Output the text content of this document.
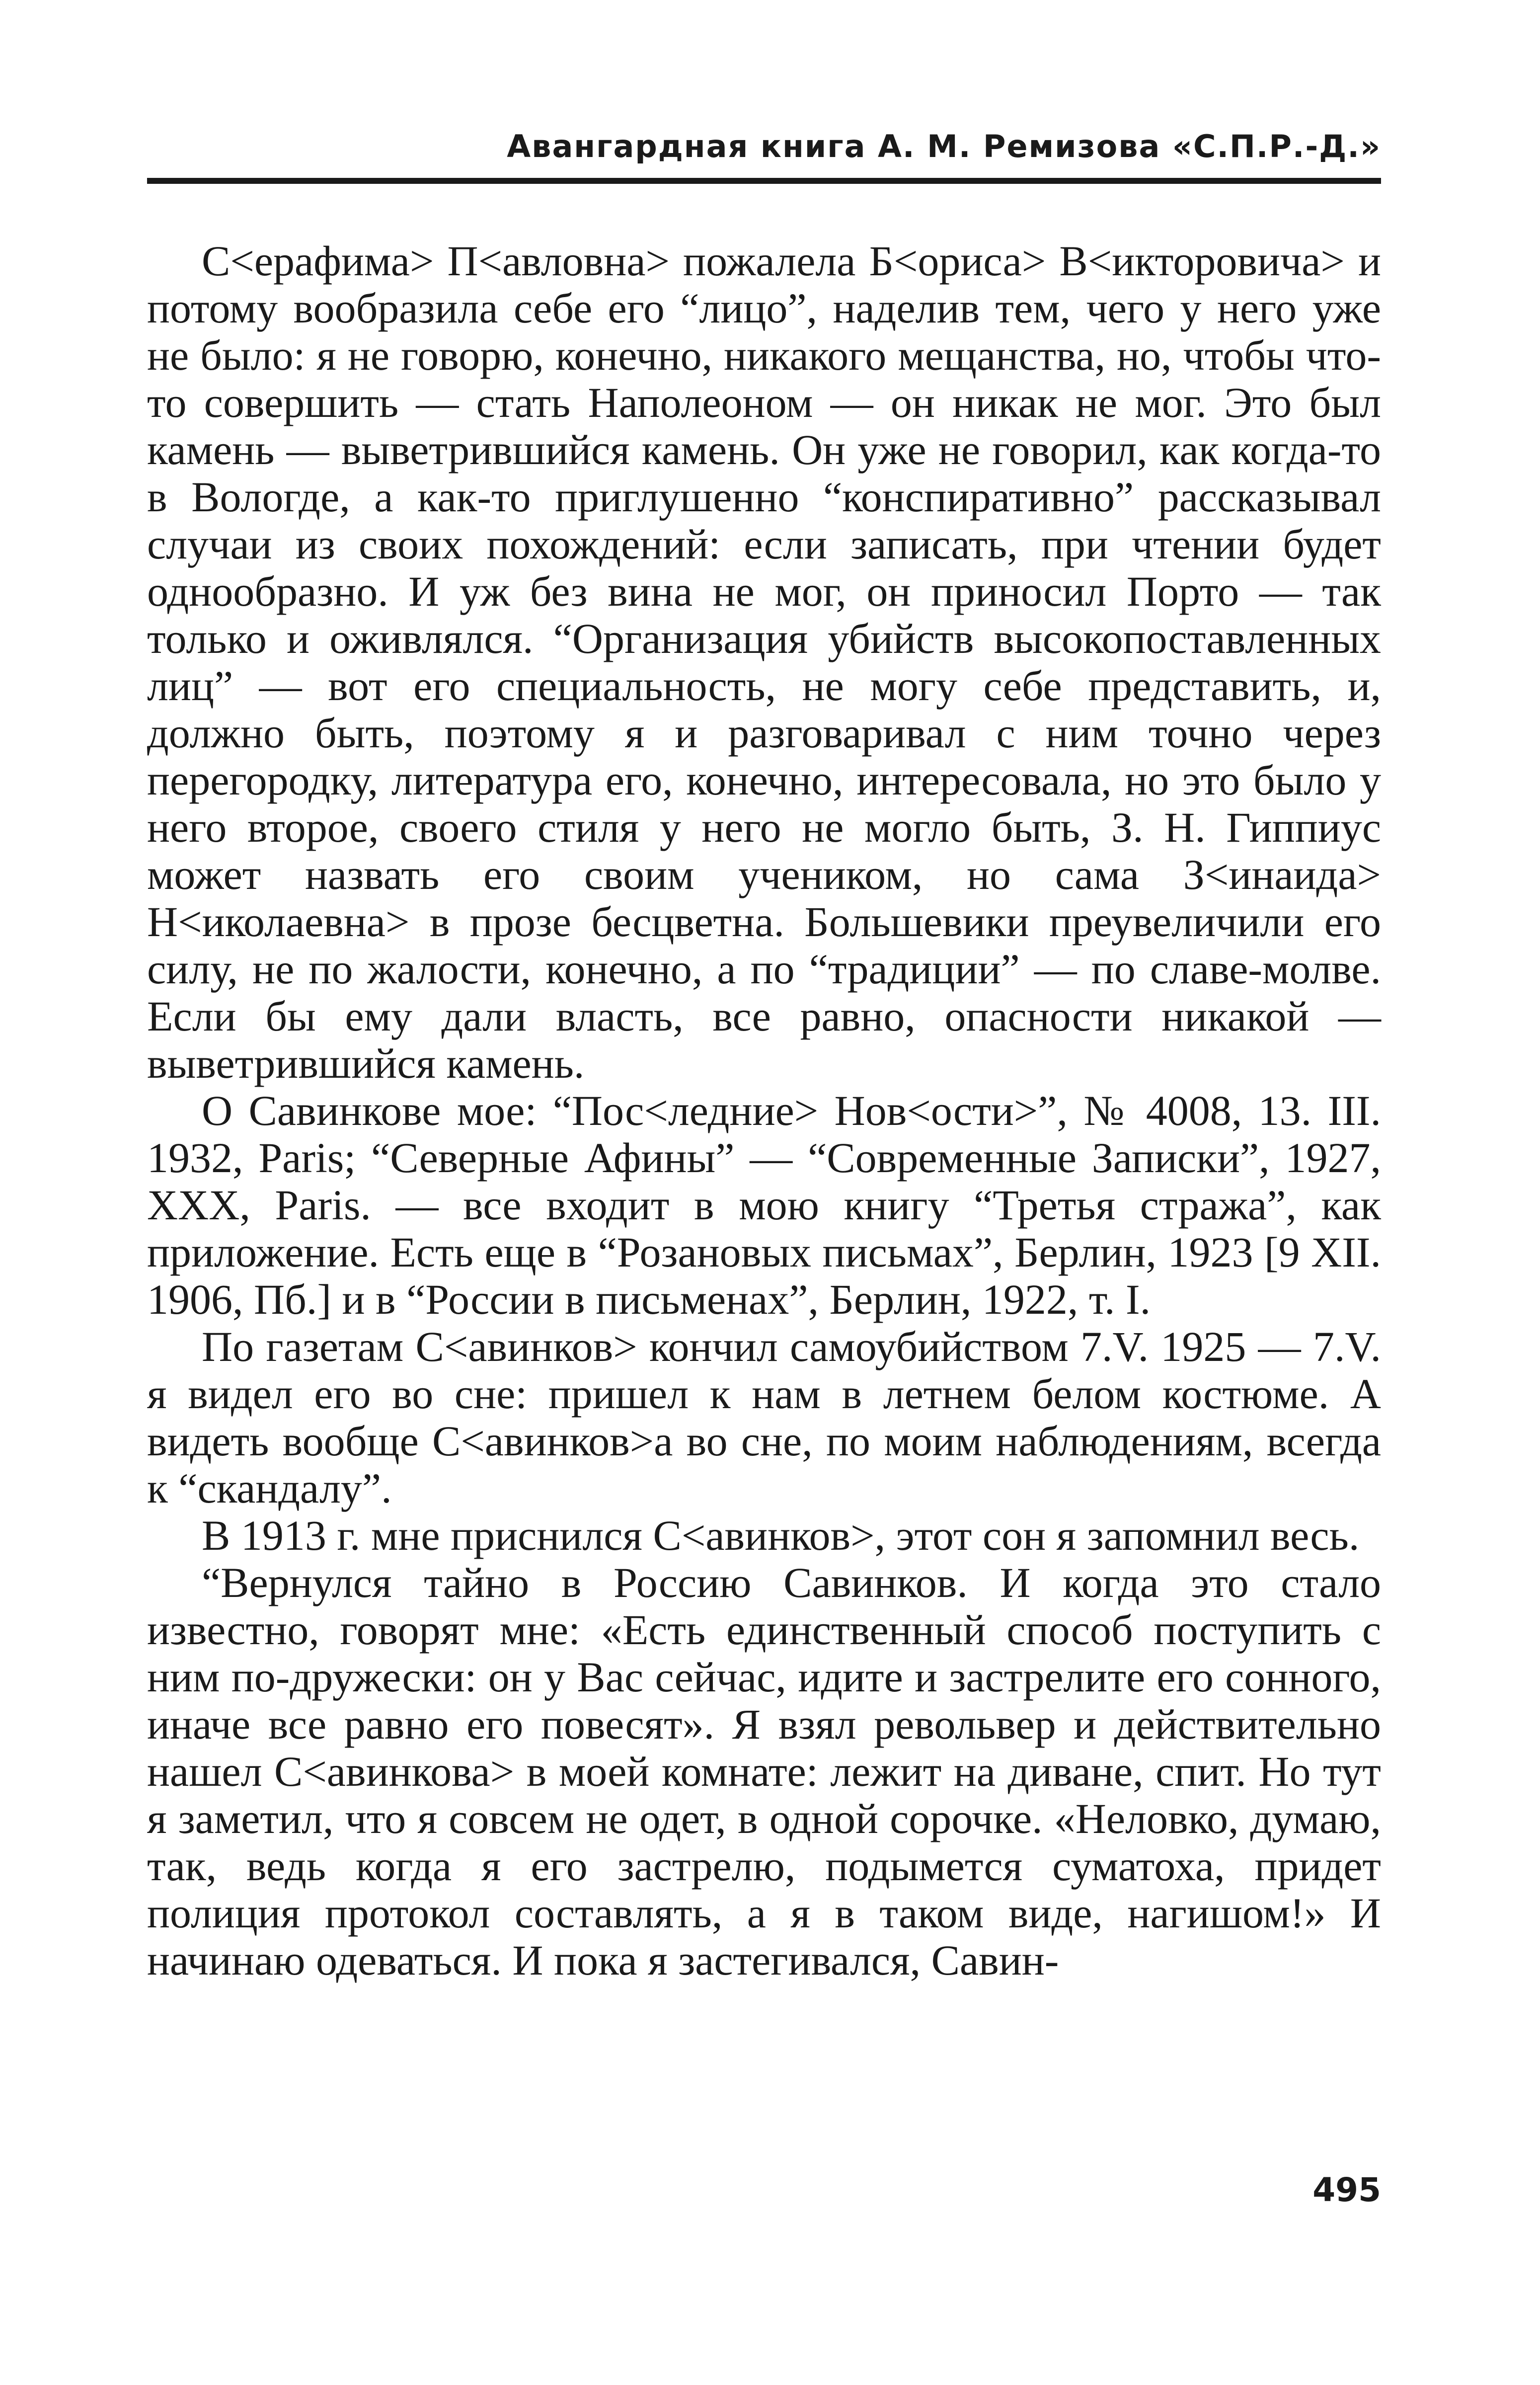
Авангардная книга А. М. Ремизова «С.П.Р.-Д.»

С<ерафима> П<авловна> пожалела Б<ориса> В<икторовича> и потому вообразила себе его “лицо”, наделив тем, чего у него уже не было: я не говорю, конечно, никакого мещанства, но, чтобы что-то совершить — стать Наполеоном — он никак не мог. Это был камень — выветрившийся камень. Он уже не говорил, как когда-то в Вологде, а как-то приглушенно “конспиративно” рассказывал случаи из своих похождений: если записать, при чтении будет однообразно. И уж без вина не мог, он приносил Порто — так только и оживлялся. “Организация убийств высокопоставленных лиц” — вот его специальность, не могу себе представить, и, должно быть, поэтому я и разговаривал с ним точно через перегородку, литература его, конечно, интересовала, но это было у него второе, своего стиля у него не могло быть, З. Н. Гиппиус может назвать его своим учеником, но сама З<инаида> Н<иколаевна> в прозе бесцветна. Большевики преувеличили его силу, не по жалости, конечно, а по “традиции” — по славе-молве. Если бы ему дали власть, все равно, опасности никакой — выветрившийся камень.

О Савинкове мое: “Пос<ледние> Нов<ости>”, № 4008, 13. III. 1932, Paris; “Северные Афины” — “Современные Записки”, 1927, XXX, Paris. — все входит в мою книгу “Третья стража”, как приложение. Есть еще в “Розановых письмах”, Берлин, 1923 [9 XII. 1906, Пб.] и в “России в письменах”, Берлин, 1922, т. I.

По газетам С<авинков> кончил самоубийством 7.V. 1925 — 7.V. я видел его во сне: пришел к нам в летнем белом костюме. А видеть вообще С<авинков>а во сне, по моим наблюдениям, всегда к “скандалу”.

В 1913 г. мне приснился С<авинков>, этот сон я запомнил весь.

“Вернулся тайно в Россию Савинков. И когда это стало известно, говорят мне: «Есть единственный способ поступить с ним по-дружески: он у Вас сейчас, идите и застрелите его сонного, иначе все равно его повесят». Я взял револьвер и действительно нашел С<авинкова> в моей комнате: лежит на диване, спит. Но тут я заметил, что я совсем не одет, в одной сорочке. «Неловко, думаю, так, ведь когда я его застрелю, подымется суматоха, придет полиция протокол составлять, а я в таком виде, нагишом!» И начинаю одеваться. И пока я застегивался, Савин-

495
